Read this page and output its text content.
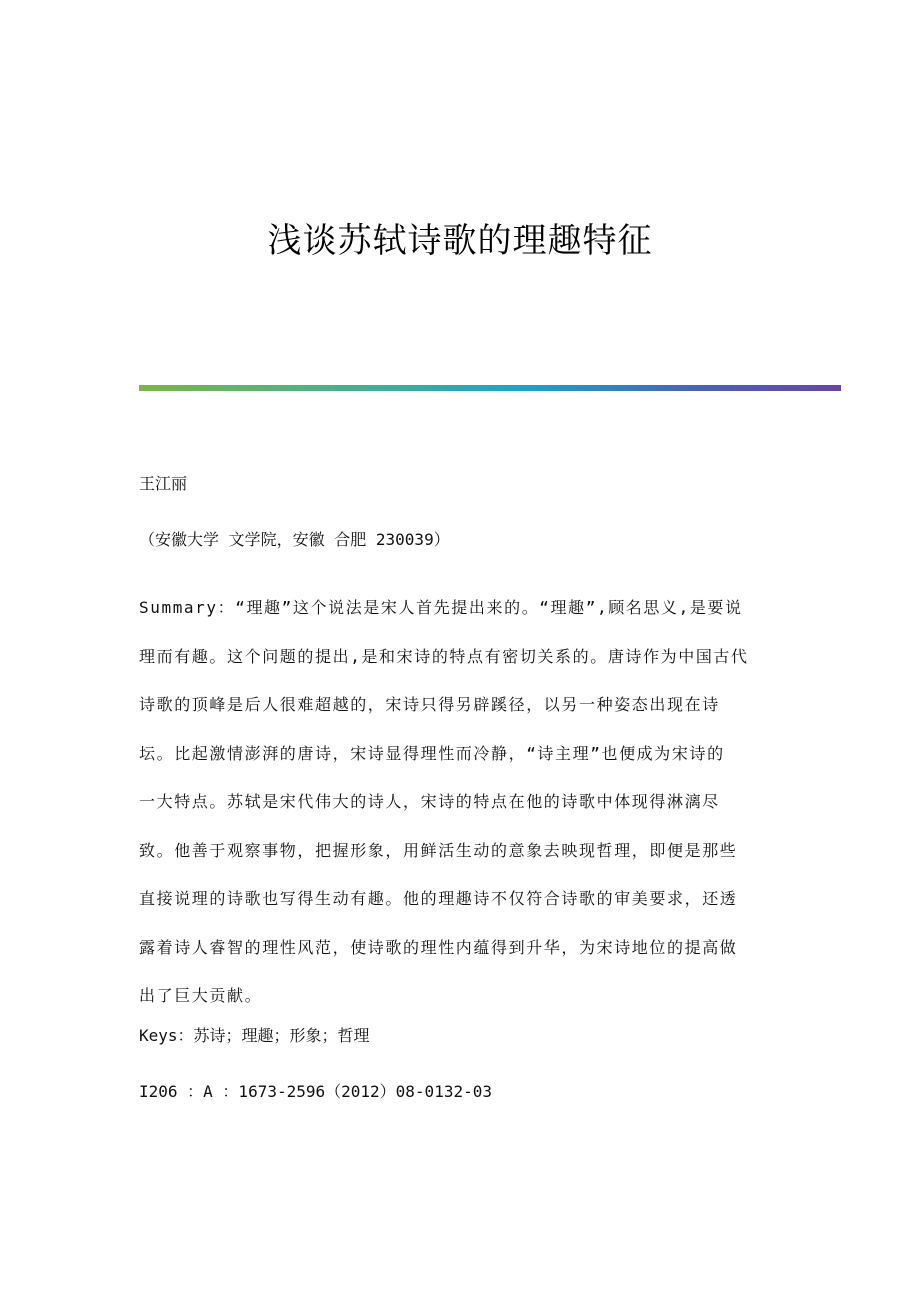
浅谈苏轼诗歌的理趣特征
王江丽
（安徽大学 文学院，安徽 合肥 230039）
Summary：“理趣”这个说法是宋人首先提出来的。“理趣”,顾名思义,是要说
理而有趣。这个问题的提出,是和宋诗的特点有密切关系的。唐诗作为中国古代
诗歌的顶峰是后人很难超越的，宋诗只得另辟蹊径，以另一种姿态出现在诗
坛。比起激情澎湃的唐诗，宋诗显得理性而冷静，“诗主理”也便成为宋诗的
一大特点。苏轼是宋代伟大的诗人，宋诗的特点在他的诗歌中体现得淋漓尽
致。他善于观察事物，把握形象，用鲜活生动的意象去映现哲理，即便是那些
直接说理的诗歌也写得生动有趣。他的理趣诗不仅符合诗歌的审美要求，还透
露着诗人睿智的理性风范，使诗歌的理性内蕴得到升华，为宋诗地位的提高做
出了巨大贡献。
Keys：苏诗；理趣；形象；哲理
I206 ：A ：1673-2596（2012）08-0132-03
